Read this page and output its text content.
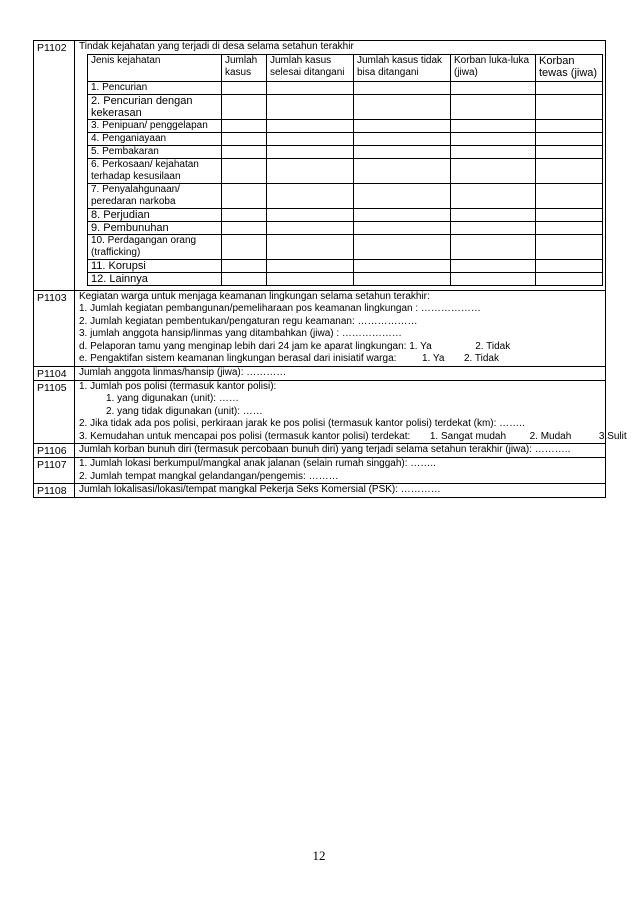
P1102	Tindak kejahatan yang terjadi di desa selama setahun terakhir
Jenis kejahatan	Jumlah kasus	Jumlah kasus selesai ditangani	Jumlah kasus tidak bisa ditangani	Korban luka-luka (jiwa)	Korban tewas (jiwa)
1. Pencurian					
2. Pencurian dengan kekerasan					
3. Penipuan/ penggelapan					
4. Penganiayaan					
5. Pembakaran					
6. Perkosaan/ kejahatan terhadap kesusilaan					
7. Penyalahgunaan/ peredaran narkoba					
8. Perjudian					
9. Pembunuhan					
10. Perdagangan orang (trafficking)					
11. Korupsi					
12. Lainnya					
P1103	Kegiatan warga untuk menjaga keamanan lingkungan selama setahun terakhir:
1. Jumlah kegiatan pembangunan/pemeliharaan pos keamanan lingkungan : ………………
2. Jumlah kegiatan pembentukan/pengaturan regu keamanan: ………………
3. jumlah anggota hansip/linmas yang ditambahkan (jiwa) : ………………
d. Pelaporan tamu yang menginap lebih dari 24 jam ke aparat lingkungan: 1. Ya	2. Tidak
e. Pengaktifan sistem keamanan lingkungan berasal dari inisiatif warga:	1. Ya 2. Tidak
P1104	Jumlah anggota linmas/hansip (jiwa): …………
P1105	1. Jumlah pos polisi (termasuk kantor polisi):
1. yang digunakan (unit): ……
2. yang tidak digunakan (unit): ……
2. Jika tidak ada pos polisi, perkiraan jarak ke pos polisi (termasuk kantor polisi) terdekat (km): ……..
3. Kemudahan untuk mencapai pos polisi (termasuk kantor polisi) terdekat: 1. Sangat mudah 2. Mudah	3.Sulit
P1106	Jumlah korban bunuh diri (termasuk percobaan bunuh diri) yang terjadi selama setahun terakhir (jiwa): ………..
P1107	1. Jumlah lokasi berkumpul/mangkal anak jalanan (selain rumah singgah): ……..
2. Jumlah tempat mangkal gelandangan/pengemis: ………
P1108	Jumlah lokalisasi/lokasi/tempat mangkal Pekerja Seks Komersial (PSK): …………
12
